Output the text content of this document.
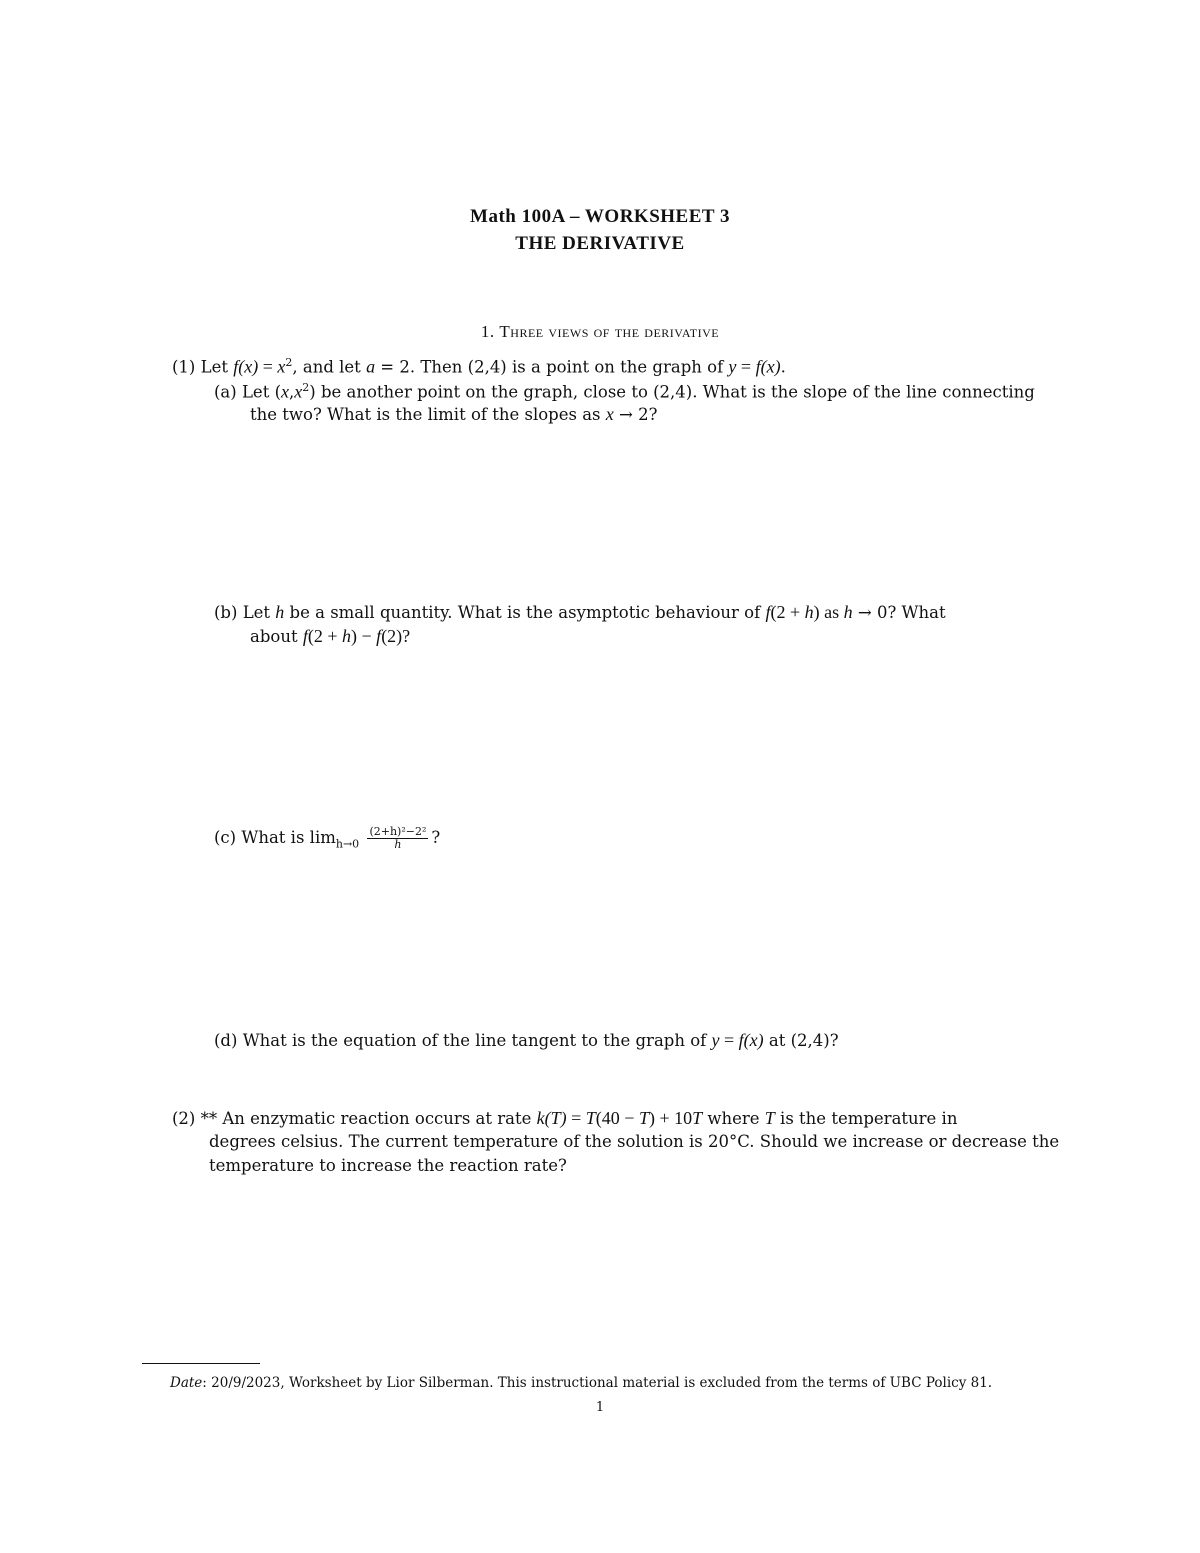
Math 100A – WORKSHEET 3
THE DERIVATIVE
1. Three views of the derivative
(1) Let $f(x) = x^2$, and let a = 2. Then (2,4) is a point on the graph of y = f(x).
(a) Let $(x,x^2)$ be another point on the graph, close to (2,4). What is the slope of the line connecting
the two? What is the limit of the slopes as x → 2?
(b) Let h be a small quantity. What is the asymptotic behaviour of f(2 + h) as h → 0? What
about f(2 + h) − f(2)?
(c) What is $\lim_{h\to 0} \frac{\text{(2+h)²−2²}}{h}$ ?
(d) What is the equation of the line tangent to the graph of y = f(x) at (2,4)?
(2) ** An enzymatic reaction occurs at rate k(T) = T(40 − T) + 10T where T is the temperature in
degrees celsius. The current temperature of the solution is 20°C. Should we increase or decrease the
temperature to increase the reaction rate?
Date: 20/9/2023, Worksheet by Lior Silberman. This instructional material is excluded from the terms of UBC Policy 81.
1
